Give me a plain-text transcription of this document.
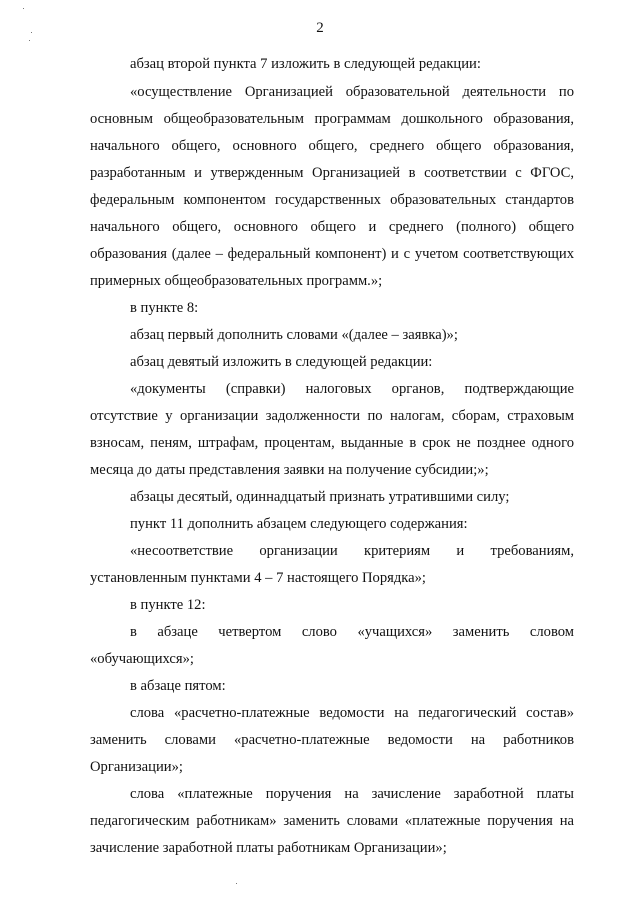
2
абзац второй пункта 7 изложить в следующей редакции:
«осуществление Организацией образовательной деятельности по
основным общеобразовательным программам дошкольного образования,
начального общего, основного общего, среднего общего образования,
разработанным и утвержденным Организацией в соответствии с ФГОС,
федеральным компонентом государственных образовательных стандартов
начального общего, основного общего и среднего (полного) общего
образования (далее – федеральный компонент) и с учетом соответствующих
примерных общеобразовательных программ.»;
в пункте 8:
абзац первый дополнить словами «(далее – заявка)»;
абзац девятый изложить в следующей редакции:
«документы (справки) налоговых органов, подтверждающие
отсутствие у организации задолженности по налогам, сборам, страховым
взносам, пеням, штрафам, процентам, выданные в срок не позднее одного
месяца до даты представления заявки на получение субсидии;»;
абзацы десятый, одиннадцатый признать утратившими силу;
пункт 11 дополнить абзацем следующего содержания:
«несоответствие организации критериям и требованиям,
установленным пунктами 4 – 7 настоящего Порядка»;
в пункте 12:
в абзаце четвертом слово «учащихся» заменить словом
«обучающихся»;
в абзаце пятом:
слова «расчетно-платежные ведомости на педагогический состав»
заменить словами «расчетно-платежные ведомости на работников
Организации»;
слова «платежные поручения на зачисление заработной платы
педагогическим работникам» заменить словами «платежные поручения на
зачисление заработной платы работникам Организации»;
